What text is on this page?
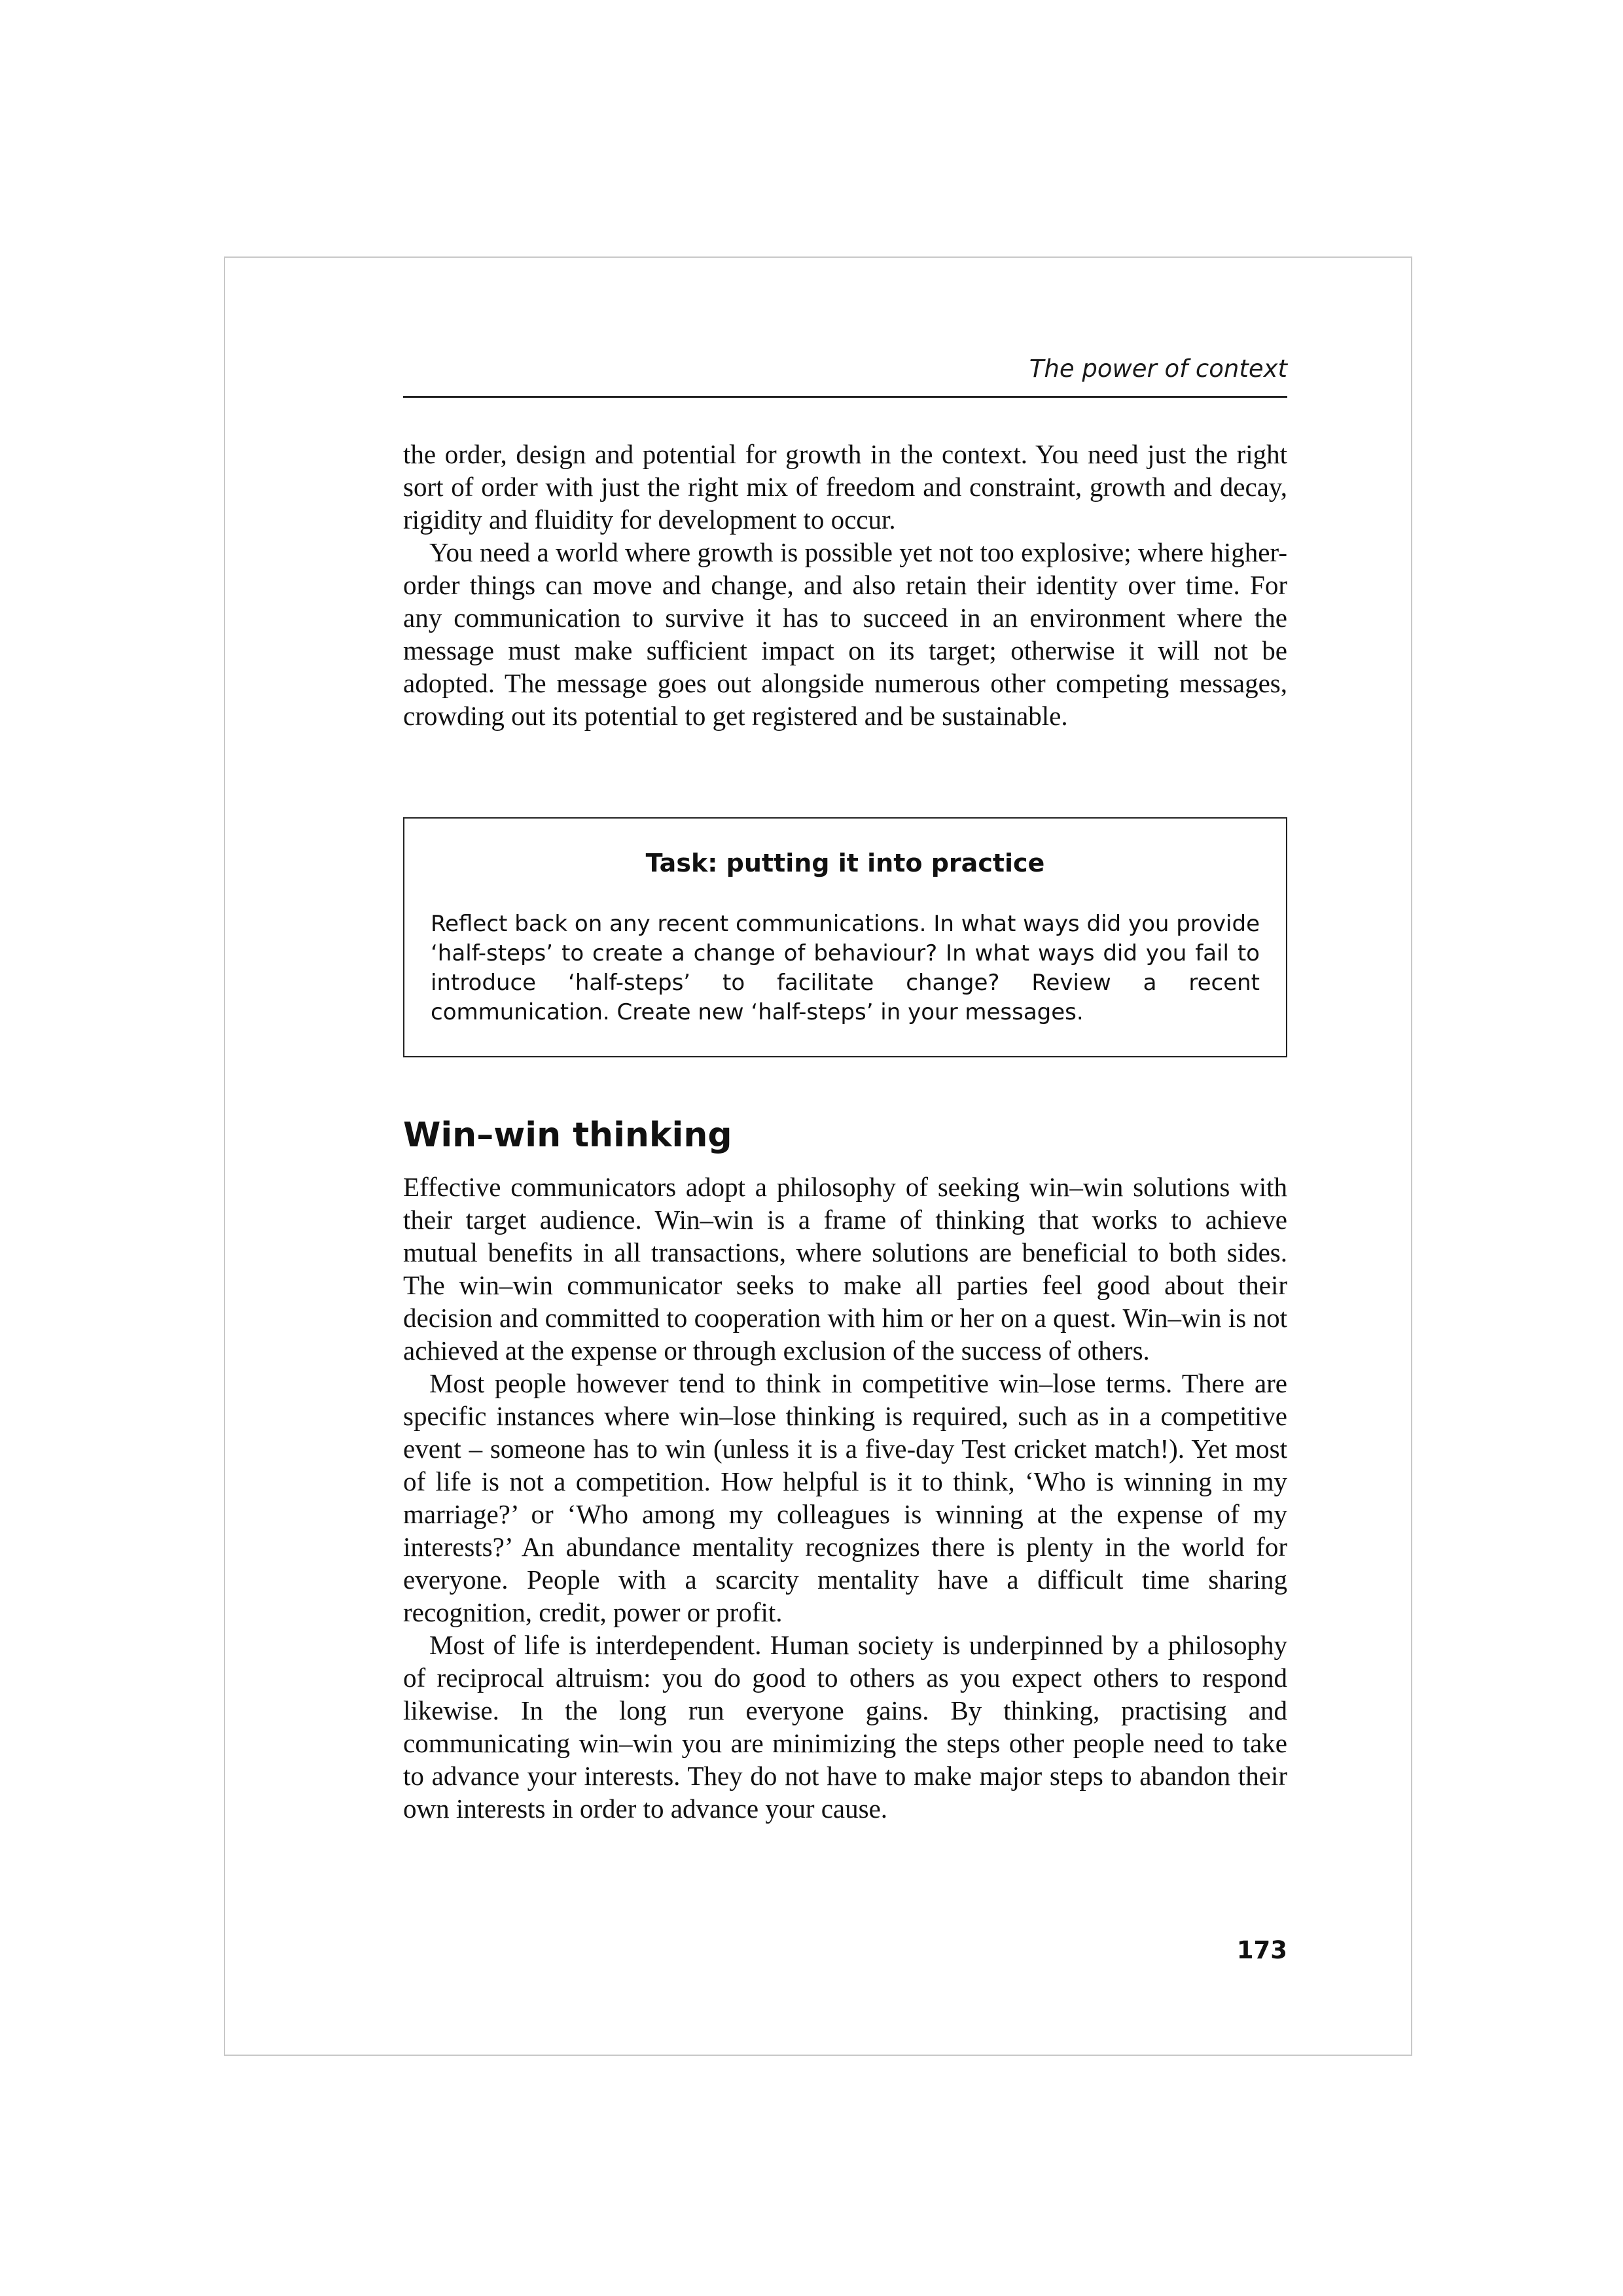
The power of context

the order, design and potential for growth in the context. You need just the right sort of order with just the right mix of freedom and constraint, growth and decay, rigidity and fluidity for development to occur.

You need a world where growth is possible yet not too explosive; where higher-order things can move and change, and also retain their identity over time. For any communication to survive it has to succeed in an environment where the message must make sufficient impact on its target; otherwise it will not be adopted. The message goes out alongside numerous other competing messages, crowding out its potential to get registered and be sustainable.

Task: putting it into practice
Reflect back on any recent communications. In what ways did you provide ‘half-steps’ to create a change of behaviour? In what ways did you fail to introduce ‘half-steps’ to facilitate change? Review a recent communication. Create new ‘half-steps’ in your messages.
Win–win thinking

Effective communicators adopt a philosophy of seeking win–win solutions with their target audience. Win–win is a frame of thinking that works to achieve mutual benefits in all transactions, where solutions are beneficial to both sides. The win–win communicator seeks to make all parties feel good about their decision and committed to cooperation with him or her on a quest. Win–win is not achieved at the expense or through exclusion of the success of others.

Most people however tend to think in competitive win–lose terms. There are specific instances where win–lose thinking is required, such as in a competitive event – someone has to win (unless it is a five-day Test cricket match!). Yet most of life is not a competition. How helpful is it to think, ‘Who is winning in my marriage?’ or ‘Who among my colleagues is winning at the expense of my interests?’ An abundance mentality recognizes there is plenty in the world for everyone. People with a scarcity mentality have a difficult time sharing recognition, credit, power or profit.

Most of life is interdependent. Human society is underpinned by a philosophy of reciprocal altruism: you do good to others as you expect others to respond likewise. In the long run everyone gains. By thinking, practising and communicating win–win you are minimizing the steps other people need to take to advance your interests. They do not have to make major steps to abandon their own interests in order to advance your cause.

173
